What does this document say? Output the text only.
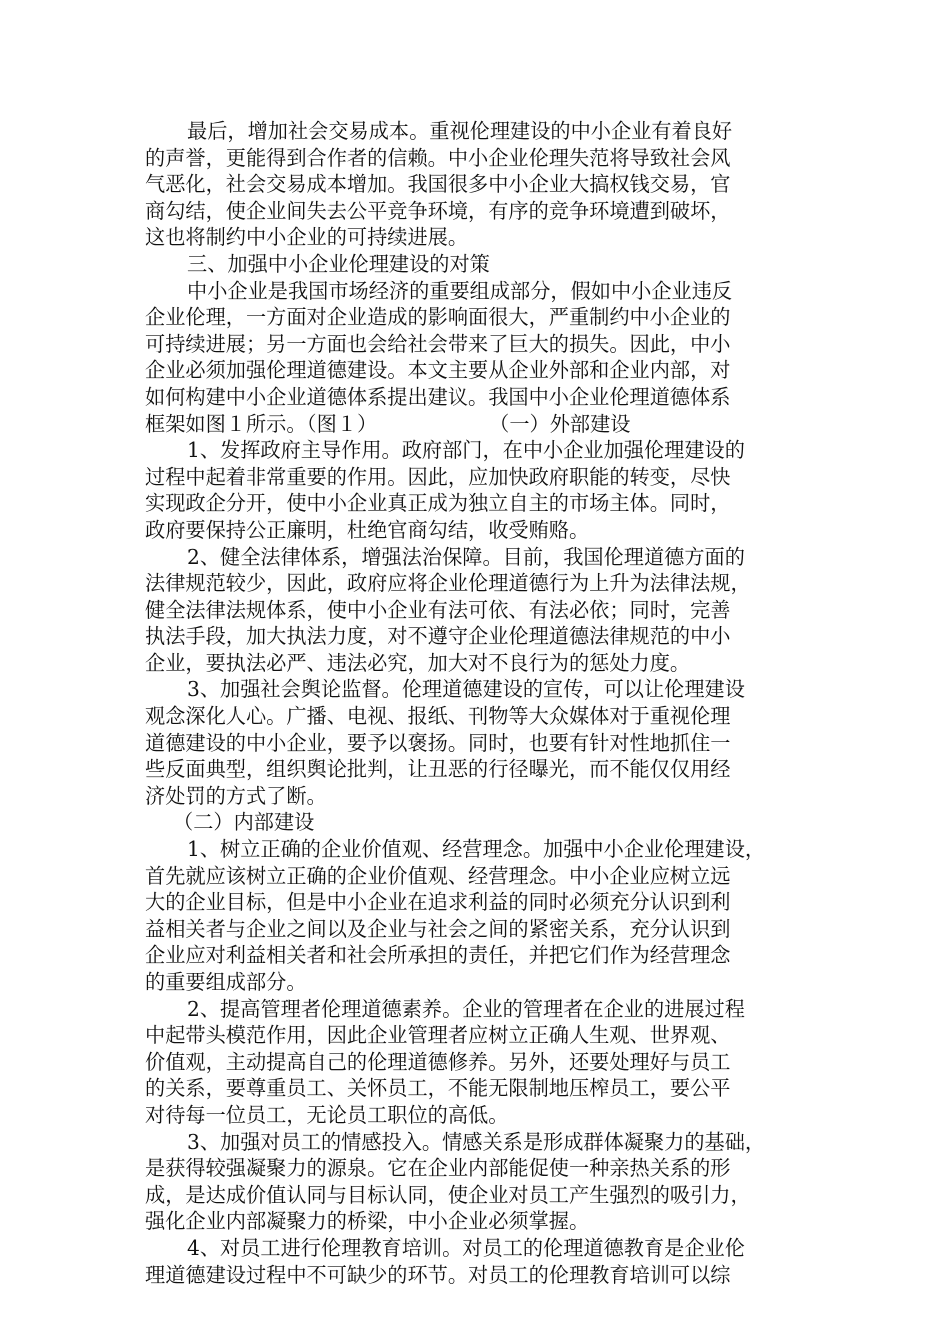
最后，增加社会交易成本。重视伦理建设的中小企业有着良好
的声誉，更能得到合作者的信赖。中小企业伦理失范将导致社会风
气恶化，社会交易成本增加。我国很多中小企业大搞权钱交易，官
商勾结，使企业间失去公平竞争环境，有序的竞争环境遭到破坏，
这也将制约中小企业的可持续进展。
三、加强中小企业伦理建设的对策
中小企业是我国市场经济的重要组成部分，假如中小企业违反
企业伦理，一方面对企业造成的影响面很大，严重制约中小企业的
可持续进展；另一方面也会给社会带来了巨大的损失。因此，中小
企业必须加强伦理道德建设。本文主要从企业外部和企业内部，对
如何构建中小企业道德体系提出建议。我国中小企业伦理道德体系
框架如图１所示。（图１）	（一）外部建设
1、发挥政府主导作用。政府部门，在中小企业加强伦理建设的
过程中起着非常重要的作用。因此，应加快政府职能的转变，尽快
实现政企分开，使中小企业真正成为独立自主的市场主体。同时，
政府要保持公正廉明，杜绝官商勾结，收受贿赂。
2、健全法律体系，增强法治保障。目前，我国伦理道德方面的
法律规范较少，因此，政府应将企业伦理道德行为上升为法律法规，
健全法律法规体系，使中小企业有法可依、有法必依；同时，完善
执法手段，加大执法力度，对不遵守企业伦理道德法律规范的中小
企业，要执法必严、违法必究，加大对不良行为的惩处力度。
3、加强社会舆论监督。伦理道德建设的宣传，可以让伦理建设
观念深化人心。广播、电视、报纸、刊物等大众媒体对于重视伦理
道德建设的中小企业，要予以褒扬。同时，也要有针对性地抓住一
些反面典型，组织舆论批判，让丑恶的行径曝光，而不能仅仅用经
济处罚的方式了断。
（二）内部建设
1、树立正确的企业价值观、经营理念。加强中小企业伦理建设，
首先就应该树立正确的企业价值观、经营理念。中小企业应树立远
大的企业目标，但是中小企业在追求利益的同时必须充分认识到利
益相关者与企业之间以及企业与社会之间的紧密关系，充分认识到
企业应对利益相关者和社会所承担的责任，并把它们作为经营理念
的重要组成部分。
2、提高管理者伦理道德素养。企业的管理者在企业的进展过程
中起带头模范作用，因此企业管理者应树立正确人生观、世界观、
价值观，主动提高自己的伦理道德修养。另外，还要处理好与员工
的关系，要尊重员工、关怀员工，不能无限制地压榨员工，要公平
对待每一位员工，无论员工职位的高低。
3、加强对员工的情感投入。情感关系是形成群体凝聚力的基础，
是获得较强凝聚力的源泉。它在企业内部能促使一种亲热关系的形
成，是达成价值认同与目标认同，使企业对员工产生强烈的吸引力，
强化企业内部凝聚力的桥梁，中小企业必须掌握。
4、对员工进行伦理教育培训。对员工的伦理道德教育是企业伦
理道德建设过程中不可缺少的环节。对员工的伦理教育培训可以综
